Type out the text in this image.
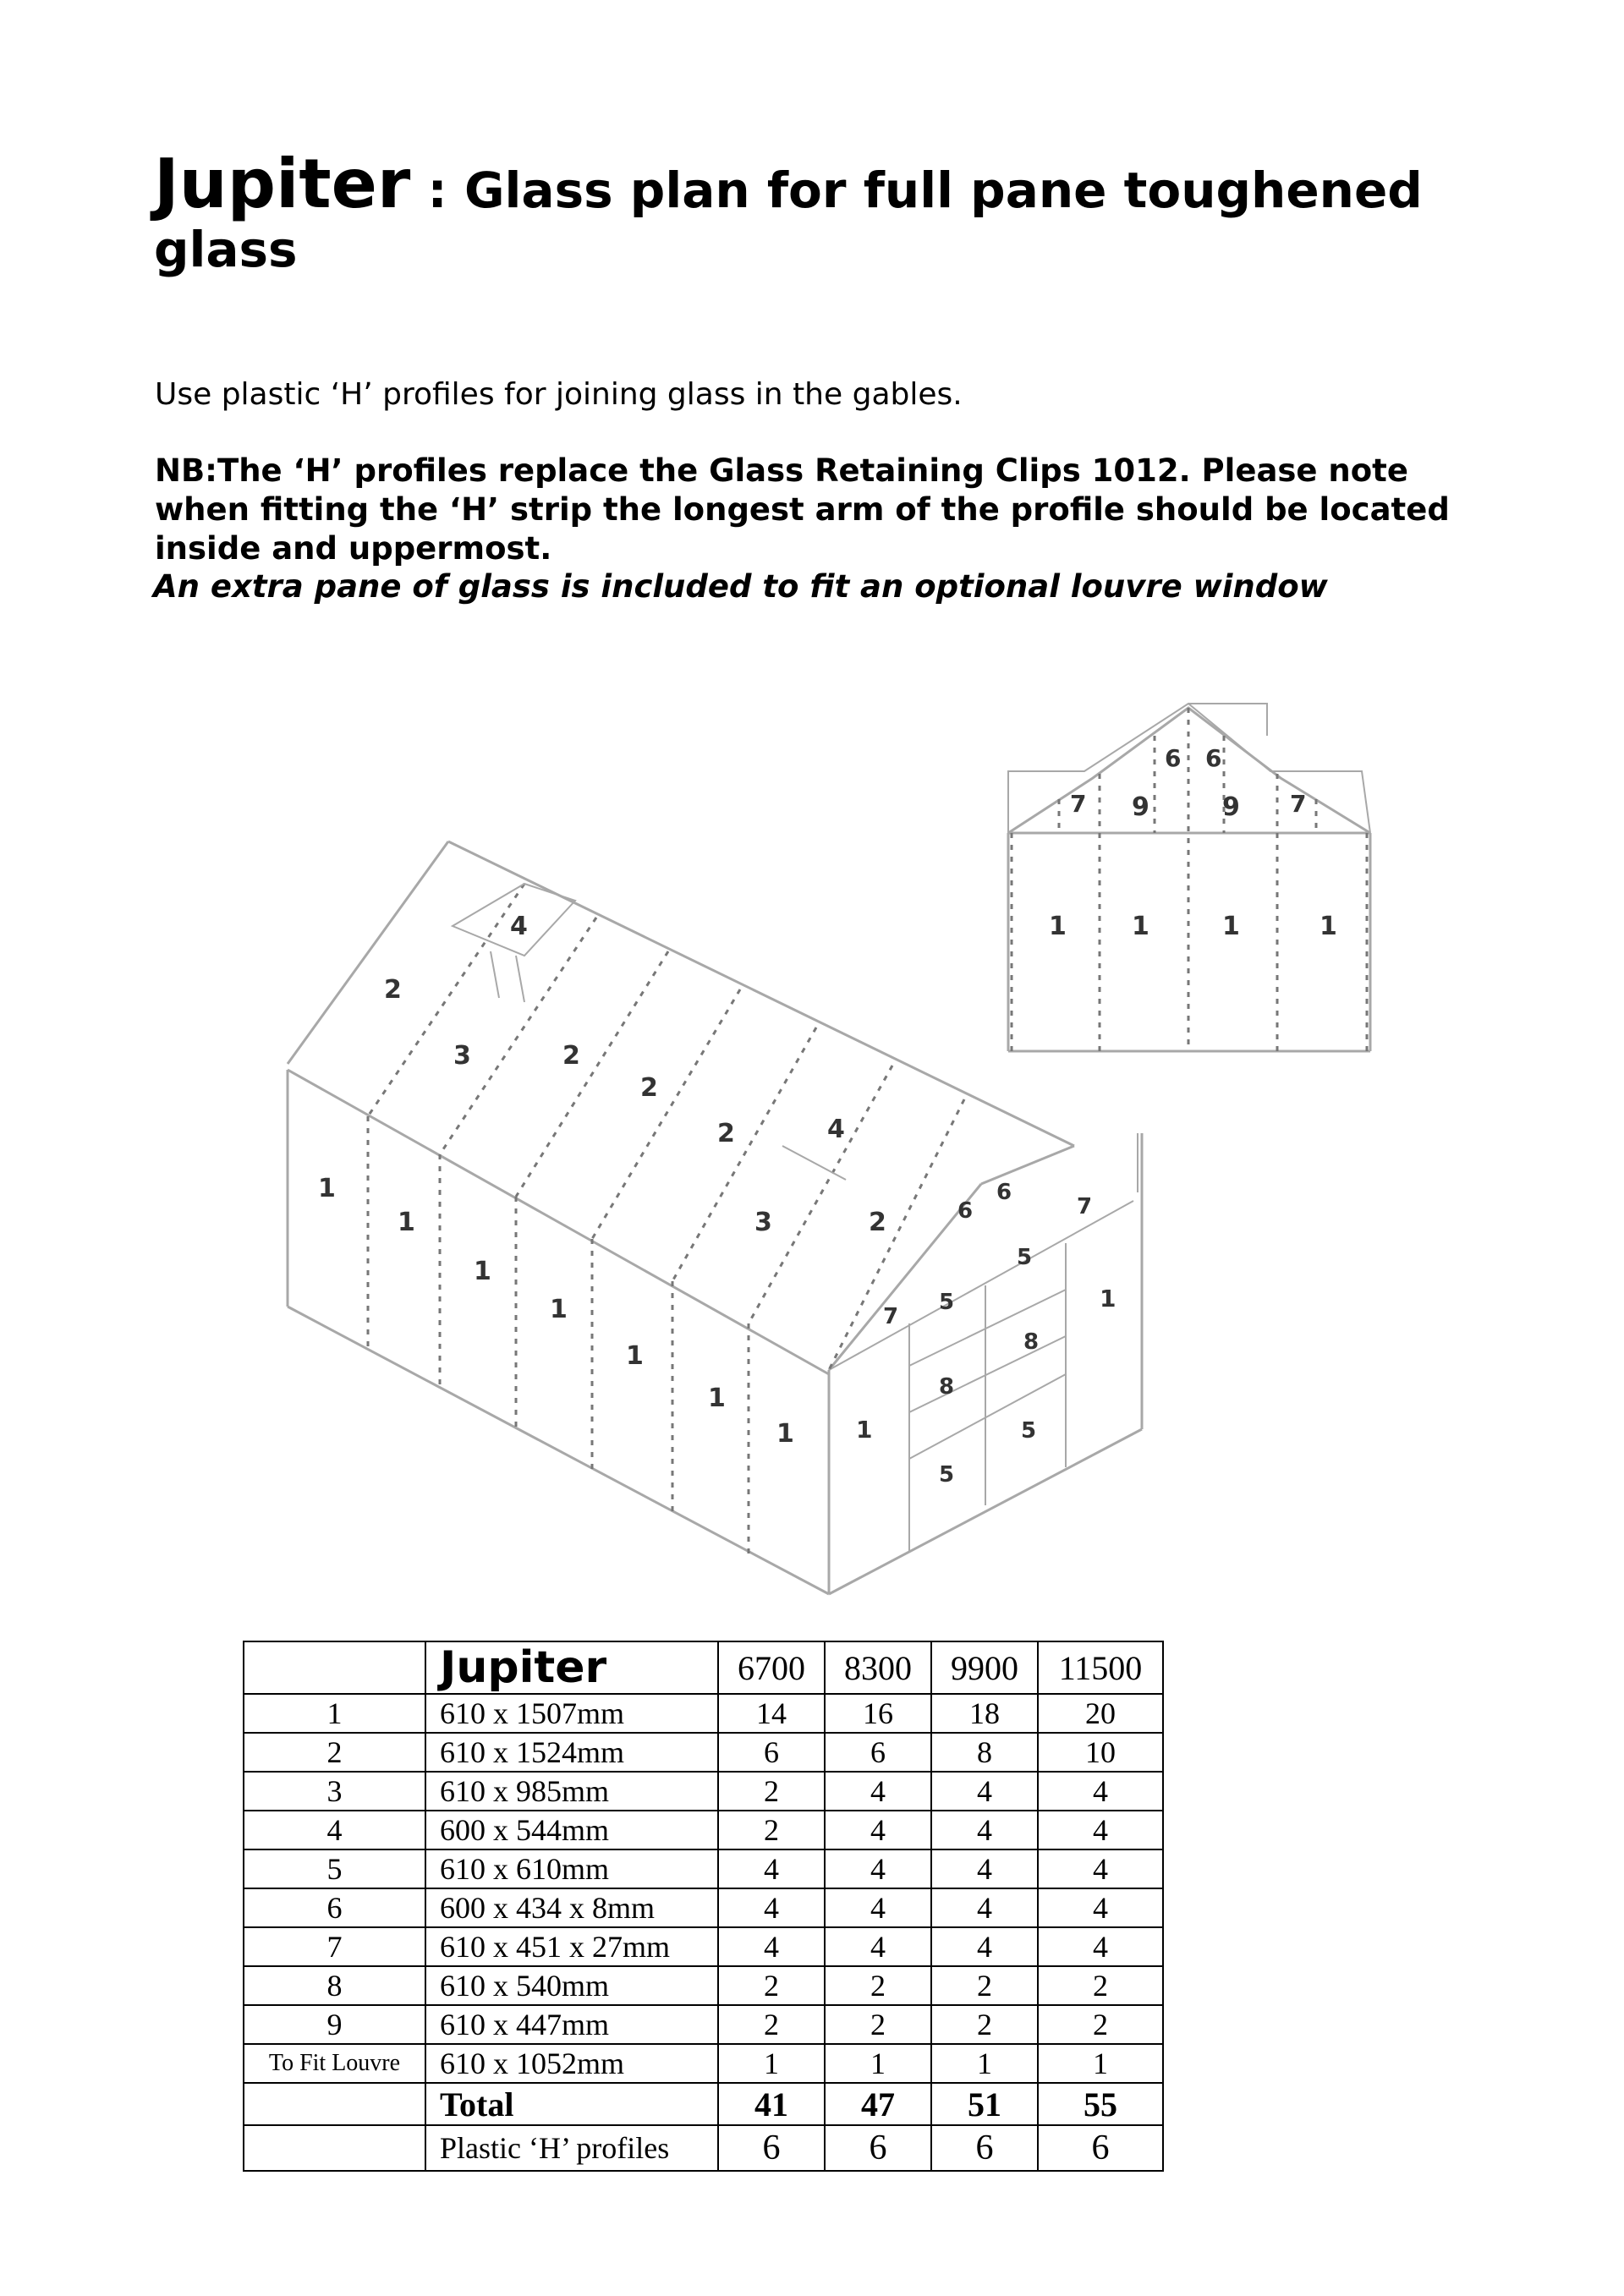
Jupiter : Glass plan for full pane toughened
glass

Use plastic ‘H’ profiles for joining glass in the gables.

NB:The ‘H’ profiles replace the Glass Retaining Clips 1012. Please note when fitting the ‘H’ strip the longest arm of the profile should be located inside and uppermost.

An extra pane of glass is included to fit an optional louvre window

6 6
7 9	9 7
1	1	1	1
4
2
3	2
2
2	4
3	2
1
1
1
1
1
1
1	1
6
6
7
5
1
7
5
8
8
5
5
	Jupiter	6700	8300	9900	11500
1	610 x 1507mm	14	16	18	20
2	610 x 1524mm	6	6	8	10
3	610 x 985mm	2	4	4	4
4	600 x 544mm	2	4	4	4
5	610 x 610mm	4	4	4	4
6	600 x 434 x 8mm	4	4	4	4
7	610 x 451 x 27mm	4	4	4	4
8	610 x 540mm	2	2	2	2
9	610 x 447mm	2	2	2	2
To Fit Louvre	610 x 1052mm	1	1	1	1
	Total	41	47	51	55
	Plastic ‘H’ profiles	6	6	6	6
